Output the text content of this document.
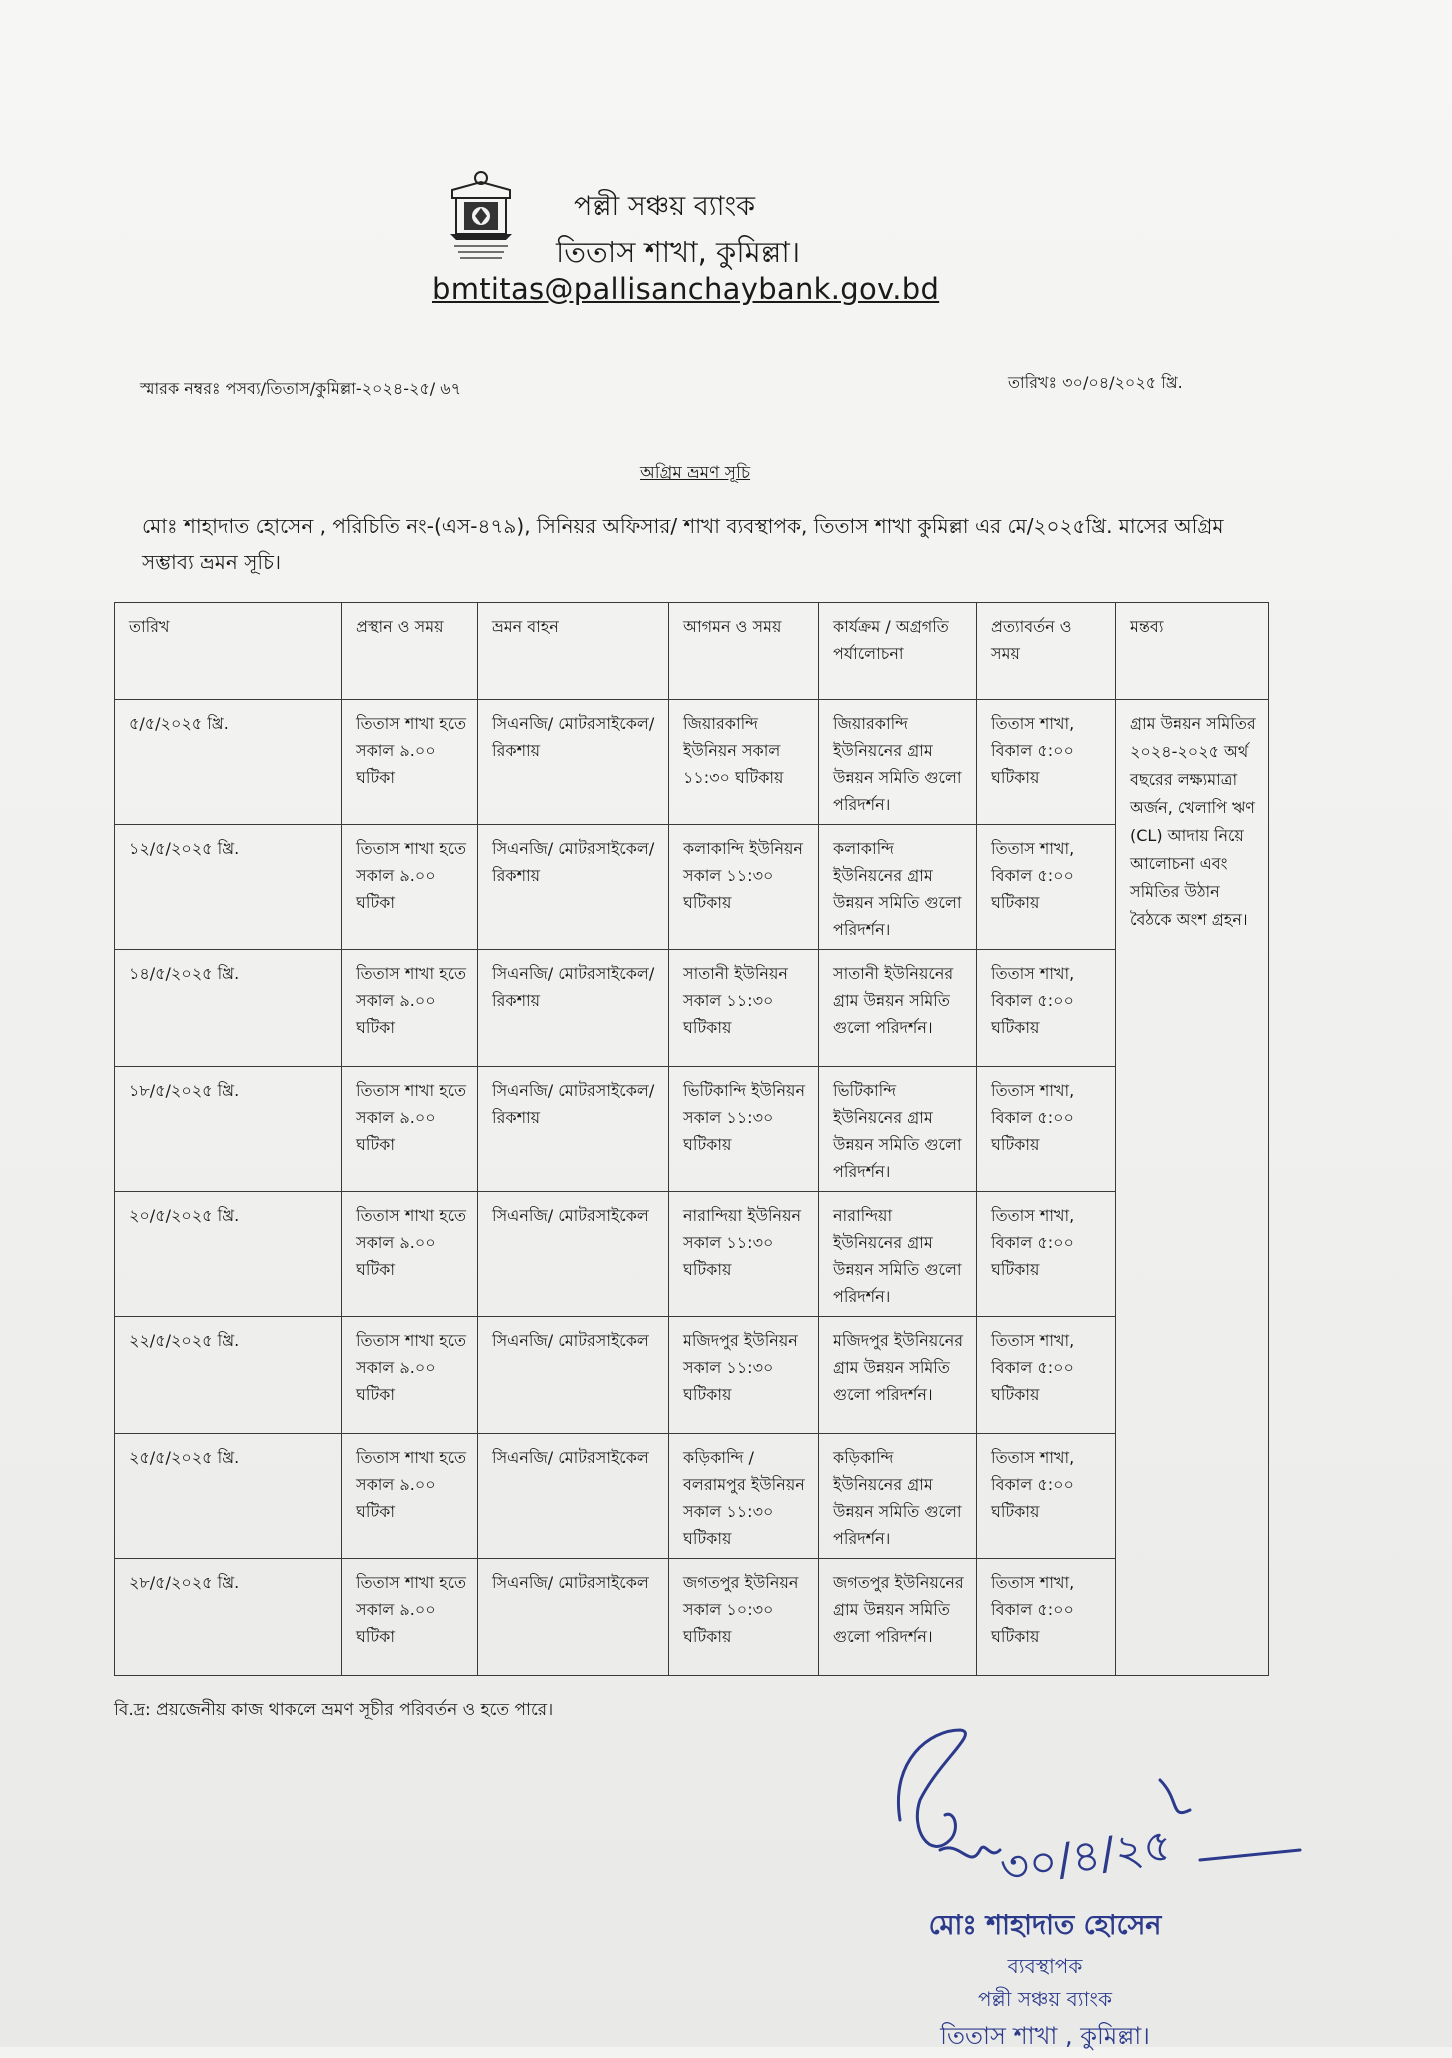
পল্লী সঞ্চয় ব্যাংক
তিতাস শাখা, কুমিল্লা।
bmtitas@pallisanchaybank.gov.bd
স্মারক নম্বরঃ পসব্য/তিতাস/কুমিল্লা-২০২৪-২৫/ ৬৭	তারিখঃ ৩০/০৪/২০২৫ খ্রি.
অগ্রিম ভ্রমণ সূচি
মোঃ শাহাদাত হোসেন , পরিচিতি নং-(এস-৪৭৯), সিনিয়র অফিসার/ শাখা ব্যবস্থাপক, তিতাস শাখা কুমিল্লা এর মে/২০২৫খ্রি. মাসের অগ্রিম সম্ভাব্য ভ্রমন সূচি।
তারিখ	প্রস্থান ও সময়	ভ্রমন বাহন	আগমন ও সময়	কার্যক্রম / অগ্রগতি পর্যালোচনা	প্রত্যাবর্তন ও সময়	মন্তব্য
৫/৫/২০২৫ খ্রি.	তিতাস শাখা হতে সকাল ৯.০০ ঘটিকা	সিএনজি/ মোটরসাইকেল/ রিকশায়	জিয়ারকান্দি ইউনিয়ন সকাল ১১:৩০ ঘটিকায়	জিয়ারকান্দি ইউনিয়নের গ্রাম উন্নয়ন সমিতি গুলো পরিদর্শন।	তিতাস শাখা, বিকাল ৫:০০ ঘটিকায়	গ্রাম উন্নয়ন সমিতির ২০২৪-২০২৫ অর্থ বছরের লক্ষ্যমাত্রা অর্জন, খেলাপি ঋণ (CL) আদায় নিয়ে আলোচনা এবং সমিতির উঠান বৈঠকে অংশ গ্রহন।
১২/৫/২০২৫ খ্রি.	তিতাস শাখা হতে সকাল ৯.০০ ঘটিকা	সিএনজি/ মোটরসাইকেল/ রিকশায়	কলাকান্দি ইউনিয়ন সকাল ১১:৩০ ঘটিকায়	কলাকান্দি ইউনিয়নের গ্রাম উন্নয়ন সমিতি গুলো পরিদর্শন।	তিতাস শাখা, বিকাল ৫:০০ ঘটিকায়	
১৪/৫/২০২৫ খ্রি.	তিতাস শাখা হতে সকাল ৯.০০ ঘটিকা	সিএনজি/ মোটরসাইকেল/ রিকশায়	সাতানী ইউনিয়ন সকাল ১১:৩০ ঘটিকায়	সাতানী ইউনিয়নের গ্রাম উন্নয়ন সমিতি গুলো পরিদর্শন।	তিতাস শাখা, বিকাল ৫:০০ ঘটিকায়	
১৮/৫/২০২৫ খ্রি.	তিতাস শাখা হতে সকাল ৯.০০ ঘটিকা	সিএনজি/ মোটরসাইকেল/ রিকশায়	ভিটিকান্দি ইউনিয়ন সকাল ১১:৩০ ঘটিকায়	ভিটিকান্দি ইউনিয়নের গ্রাম উন্নয়ন সমিতি গুলো পরিদর্শন।	তিতাস শাখা, বিকাল ৫:০০ ঘটিকায়	
২০/৫/২০২৫ খ্রি.	তিতাস শাখা হতে সকাল ৯.০০ ঘটিকা	সিএনজি/ মোটরসাইকেল	নারান্দিয়া ইউনিয়ন সকাল ১১:৩০ ঘটিকায়	নারান্দিয়া ইউনিয়নের গ্রাম উন্নয়ন সমিতি গুলো পরিদর্শন।	তিতাস শাখা, বিকাল ৫:০০ ঘটিকায়	
২২/৫/২০২৫ খ্রি.	তিতাস শাখা হতে সকাল ৯.০০ ঘটিকা	সিএনজি/ মোটরসাইকেল	মজিদপুর ইউনিয়ন সকাল ১১:৩০ ঘটিকায়	মজিদপুর ইউনিয়নের গ্রাম উন্নয়ন সমিতি গুলো পরিদর্শন।	তিতাস শাখা, বিকাল ৫:০০ ঘটিকায়	
২৫/৫/২০২৫ খ্রি.	তিতাস শাখা হতে সকাল ৯.০০ ঘটিকা	সিএনজি/ মোটরসাইকেল	কড়িকান্দি /বলরামপুর ইউনিয়ন সকাল ১১:৩০ ঘটিকায়	কড়িকান্দি ইউনিয়নের গ্রাম উন্নয়ন সমিতি গুলো পরিদর্শন।	তিতাস শাখা, বিকাল ৫:০০ ঘটিকায়	
২৮/৫/২০২৫ খ্রি.	তিতাস শাখা হতে সকাল ৯.০০ ঘটিকা	সিএনজি/ মোটরসাইকেল	জগতপুর ইউনিয়ন সকাল ১০:৩০ ঘটিকায়	জগতপুর ইউনিয়নের গ্রাম উন্নয়ন সমিতি গুলো পরিদর্শন।	তিতাস শাখা, বিকাল ৫:০০ ঘটিকায়	
বি.দ্র: প্রয়জেনীয় কাজ থাকলে ভ্রমণ সূচীর পরিবর্তন ও হতে পারে।
৩০/৪/২৫
মোঃ শাহাদাত হোসেন
ব্যবস্থাপক
পল্লী সঞ্চয় ব্যাংক
তিতাস শাখা , কুমিল্লা।
